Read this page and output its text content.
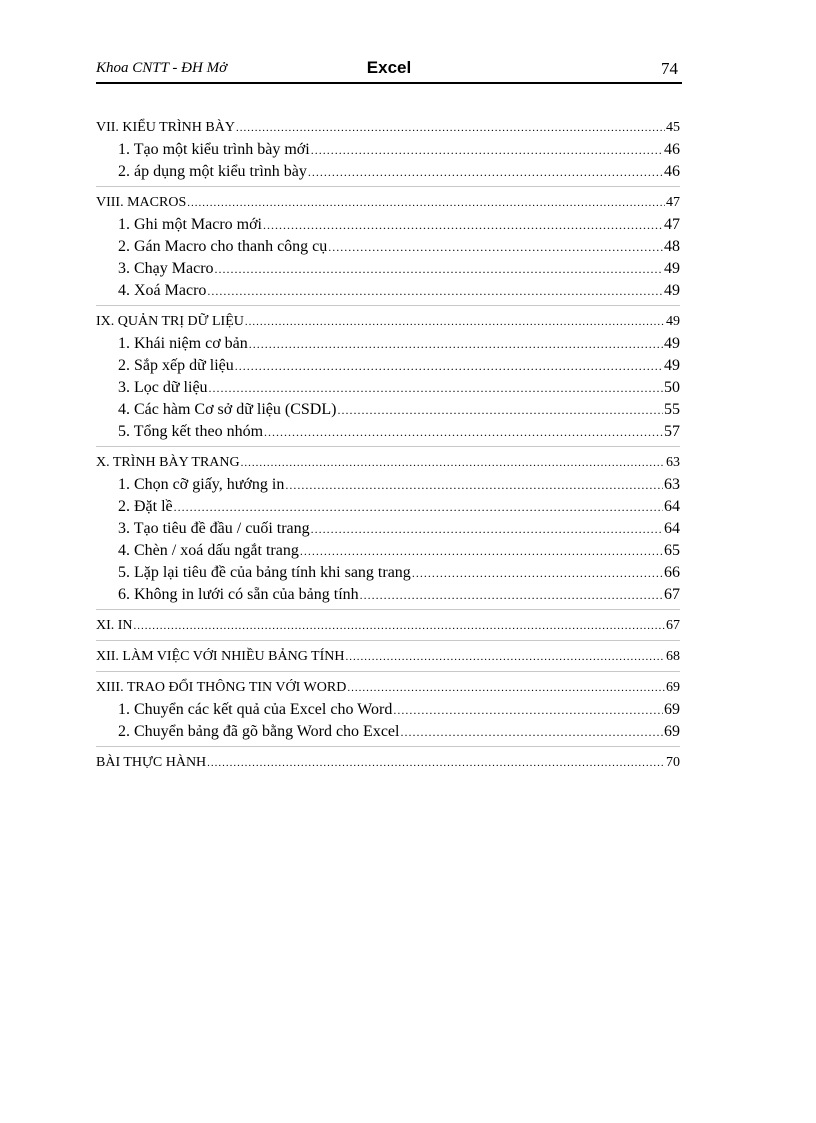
Khoa CNTT - ĐH Mở	Excel	74
VII. KIỂU TRÌNH BÀY .....	45
1. Tạo một kiểu trình bày mới .....	46
2. áp dụng một kiểu trình bày .....	46
VIII. MACROS .....	47
1. Ghi một Macro mới .....	47
2. Gán Macro cho thanh công cụ .....	48
3. Chạy Macro .....	49
4. Xoá Macro .....	49
IX. QUẢN TRỊ DỮ LIỆU .....	49
1. Khái niệm cơ bản .....	49
2. Sắp xếp dữ liệu .....	49
3. Lọc dữ liệu .....	50
4. Các hàm Cơ sở dữ liệu (CSDL) .....	55
5. Tổng kết theo nhóm .....	57
X. TRÌNH BÀY TRANG .....	63
1. Chọn cỡ giấy, hướng in .....	63
2. Đặt lề .....	64
3. Tạo tiêu đề đầu / cuối trang .....	64
4. Chèn / xoá dấu ngắt trang .....	65
5. Lặp lại tiêu đề của bảng tính khi sang trang .....	66
6. Không in lưới có sẵn của bảng tính .....	67
XI. IN .....	67
XII. LÀM VIỆC VỚI NHIỀU BẢNG TÍNH .....	68
XIII. TRAO ĐỔI THÔNG TIN VỚI WORD .....	69
1. Chuyển các kết quả của Excel cho Word .....	69
2. Chuyển bảng đã gõ bằng Word cho Excel .....	69
BÀI THỰC HÀNH .....	70
